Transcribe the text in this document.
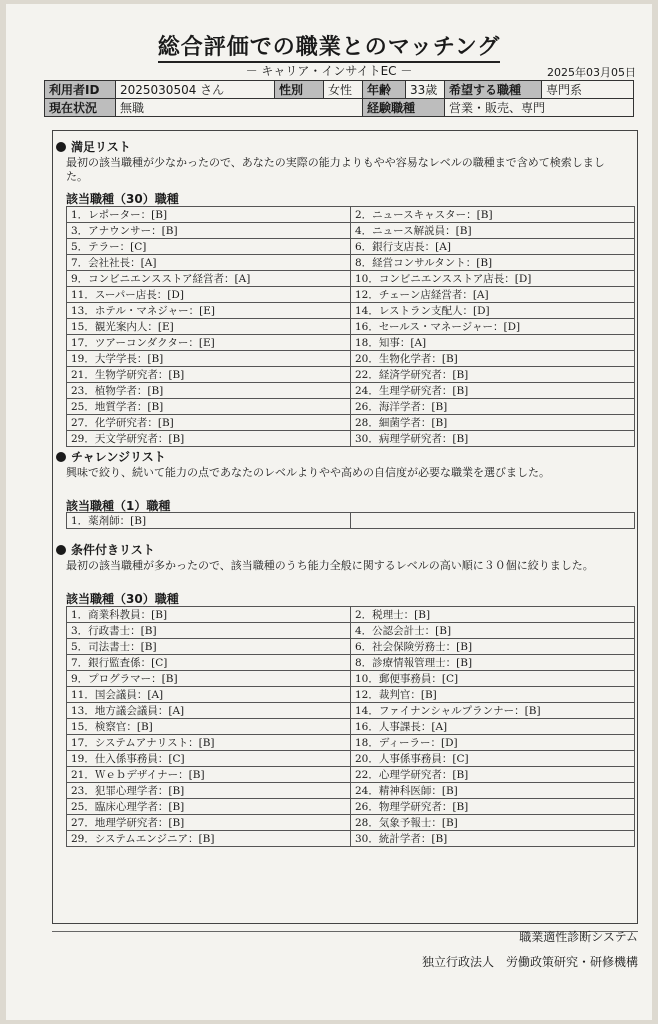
総合評価での職業とのマッチング
－ キャリア・インサイトEC －	2025年03月05日
利用者ID	2025030504 さん	性別	女性	年齢	33歳	希望する職種	専門系
現在状況	無職			経験職種		営業・販売、専門	
満足リスト
最初の該当職種が少なかったので、あなたの実際の能力よりもやや容易なレベルの職種まで含めて検索しまし
た。
該当職種（30）職種
1．レポーター：[B]	2．ニュースキャスター：[B]
3．アナウンサー：[B]	4．ニュース解説員：[B]
5．テラー：[C]	6．銀行支店長：[A]
7．会社社長：[A]	8．経営コンサルタント：[B]
9．コンビニエンスストア経営者：[A]	10．コンビニエンスストア店長：[D]
11．スーパー店長：[D]	12．チェーン店経営者：[A]
13．ホテル・マネジャー：[E]	14．レストラン支配人：[D]
15．観光案内人：[E]	16．セールス・マネージャー：[D]
17．ツアーコンダクター：[E]	18．知事：[A]
19．大学学長：[B]	20．生物化学者：[B]
21．生物学研究者：[B]	22．経済学研究者：[B]
23．植物学者：[B]	24．生理学研究者：[B]
25．地質学者：[B]	26．海洋学者：[B]
27．化学研究者：[B]	28．細菌学者：[B]
29．天文学研究者：[B]	30．病理学研究者：[B]
チャレンジリスト
興味で絞り、続いて能力の点であなたのレベルよりやや高めの自信度が必要な職業を選びました。
該当職種（1）職種
1．薬剤師：[B]	
条件付きリスト
最初の該当職種が多かったので、該当職種のうち能力全般に関するレベルの高い順に３０個に絞りました。
該当職種（30）職種
1．商業科教員：[B]	2．税理士：[B]
3．行政書士：[B]	4．公認会計士：[B]
5．司法書士：[B]	6．社会保険労務士：[B]
7．銀行監査係：[C]	8．診療情報管理士：[B]
9．プログラマー：[B]	10．郵便事務員：[C]
11．国会議員：[A]	12．裁判官：[B]
13．地方議会議員：[A]	14．ファイナンシャルプランナー：[B]
15．検察官：[B]	16．人事課長：[A]
17．システムアナリスト：[B]	18．ディーラー：[D]
19．仕入係事務員：[C]	20．人事係事務員：[C]
21．Ｗｅｂデザイナー：[B]	22．心理学研究者：[B]
23．犯罪心理学者：[B]	24．精神科医師：[B]
25．臨床心理学者：[B]	26．物理学研究者：[B]
27．地理学研究者：[B]	28．気象予報士：[B]
29．システムエンジニア：[B]	30．統計学者：[B]
職業適性診断システム
独立行政法人　労働政策研究・研修機構
